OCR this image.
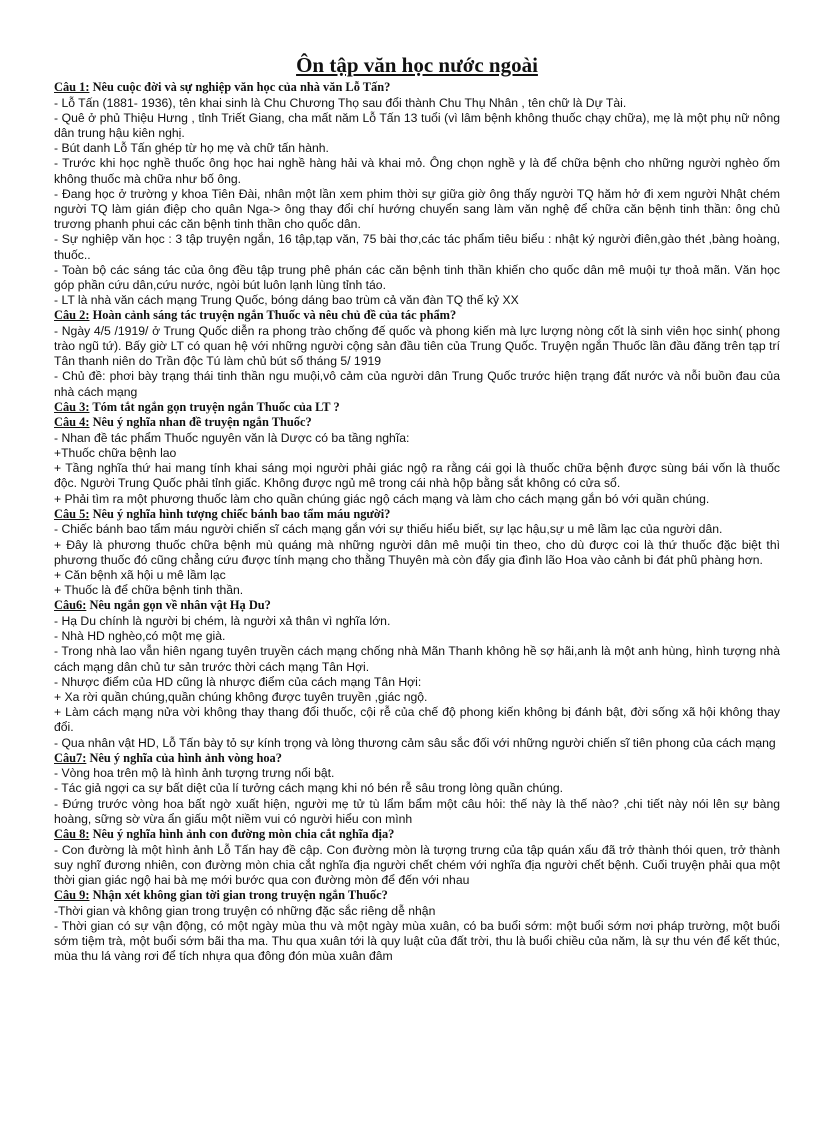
Ôn tập văn học nước ngoài

Câu 1: Nêu cuộc đời và sự nghiệp văn học của nhà văn Lỗ Tấn?

- Lỗ Tấn (1881- 1936), tên khai sinh là Chu Chương Thọ sau đổi thành Chu Thụ Nhân , tên chữ là Dự Tài.

- Quê ở phủ Thiệu Hưng , tỉnh Triết Giang, cha mất năm Lỗ Tấn 13 tuổi (vì lâm bệnh không thuốc chạy chữa), mẹ là một phụ nữ nông dân trung hậu kiên nghị.

- Bút danh Lỗ Tấn ghép từ họ mẹ và chữ tấn hành.

- Trước khi học nghề thuốc ông học hai nghề hàng hải và khai mỏ. Ông chọn nghề y là để chữa bệnh cho những người nghèo ốm không thuốc mà chữa như bố ông.

- Đang học ở trường y khoa Tiên Đài, nhân một lần xem phim thời sự giữa giờ ông thấy người TQ hăm hở đi xem người Nhật chém người TQ làm gián điệp cho quân Nga-> ông thay đổi chí hướng chuyển sang làm văn nghệ để chữa căn bệnh tinh thần: ông chủ trương phanh phui các căn bệnh tinh thần cho quốc dân.

- Sự nghiệp văn học : 3 tập truyện ngắn, 16 tập,tạp văn, 75 bài thơ,các tác phẩm tiêu biểu : nhật ký người điên,gào thét ,bàng hoàng, thuốc..

- Toàn bộ các sáng tác của ông đều tập trung phê phán các căn bệnh tinh thần khiến cho quốc dân mê muội tự thoả mãn. Văn học góp phần cứu dân,cứu nước, ngòi bút luôn lạnh lùng tỉnh táo.

- LT là nhà văn cách mạng Trung Quốc, bóng dáng bao trùm cả văn đàn TQ thế kỷ XX

Câu 2: Hoàn cảnh sáng tác truyện ngắn Thuốc và nêu chủ đề của tác phẩm?

- Ngày 4/5 /1919/ ở Trung Quốc diễn ra phong trào chống đế quốc và phong kiến mà lực lượng nòng cốt là sinh viên học sinh( phong trào ngũ tứ). Bấy giờ LT có quan hệ với những người cộng sản đầu tiên của Trung Quốc. Truyện ngắn Thuốc lần đầu đăng trên tạp trí Tân thanh niên do Trần độc Tú làm chủ bút số tháng 5/ 1919

- Chủ đề: phơi bày trạng thái tinh thần ngu muội,vô cảm của người dân Trung Quốc trước hiện trạng đất nước và nỗi buồn đau của nhà cách mạng

Câu 3: Tóm tắt ngắn gọn truyện ngắn Thuốc của LT ?

Câu 4: Nêu ý nghĩa nhan đề truyện ngắn Thuốc?

- Nhan đề tác phẩm Thuốc nguyên văn là Dược có ba tầng nghĩa:

+Thuốc chữa bệnh lao

+ Tầng nghĩa thứ hai mang tính khai sáng mọi người phải giác ngộ ra rằng cái gọi là thuốc chữa bệnh được sùng bái vốn là thuốc độc. Người Trung Quốc phải tỉnh giấc. Không được ngủ mê trong cái nhà hộp bằng sắt không có cửa sổ.

+ Phải tìm ra một phương thuốc làm cho quần chúng giác ngộ cách mạng và làm cho cách mạng gắn bó với quần chúng.

Câu 5: Nêu ý nghĩa hình tượng chiếc bánh bao tẩm máu người?

- Chiếc bánh bao tẩm máu người chiến sĩ cách mạng gắn với sự thiếu hiểu biết, sự lạc hậu,sự u mê lầm lạc của người dân.

+ Đây là phương thuốc chữa bệnh mù quáng mà những người dân mê muội tin theo, cho dù được coi là thứ thuốc đặc biệt thì phương thuốc đó cũng chẳng cứu được tính mạng cho thằng Thuyên mà còn đẩy gia đình lão Hoa vào cảnh bi đát phũ phàng hơn.

+ Căn bệnh xã hội u mê lầm lạc

+ Thuốc là để chữa bệnh tinh thần.

Câu6: Nêu ngắn gọn về nhân vật Hạ Du?

- Hạ Du chính là người bị chém, là người xả thân vì nghĩa lớn.

- Nhà HD nghèo,có một mẹ già.

- Trong nhà lao vẫn hiên ngang tuyên truyền cách mạng chống nhà Mãn Thanh không hề sợ hãi,anh là một anh hùng, hình tượng nhà cách mạng dân chủ tư sản trước thời cách mạng Tân Hợi.

- Nhược điểm của HD cũng là nhược điểm của cách mạng Tân Hợi:

+ Xa rời quần chúng,quần chúng không được tuyên truyền ,giác ngộ.

+ Làm cách mạng nửa vời không thay thang đổi thuốc, cội rễ của chế độ phong kiến không bị đánh bật, đời sống xã hội không thay đổi.

- Qua nhân vật HD, Lỗ Tấn bày tỏ sự kính trọng và lòng thương cảm sâu sắc đối với những người chiến sĩ tiên phong của cách mạng

Câu7: Nêu ý nghĩa của hình ảnh vòng hoa?

- Vòng hoa trên mộ là hình ảnh tượng trưng nổi bật.

- Tác giả ngợi ca sự bất diệt của lí tưởng cách mạng khi nó bén rễ sâu trong lòng quần chúng.

- Đứng trước vòng hoa bất ngờ xuất hiện, người mẹ tử tù lẩm bẩm một câu hỏi: thế này là thế nào? ,chi tiết này nói lên sự bàng hoàng, sững sờ vừa ẩn giấu một niềm vui có người hiểu con mình

Câu 8: Nêu ý nghĩa hình ảnh con đường mòn chia cắt nghĩa địa?

- Con đường là một hình ảnh Lỗ Tấn hay đề cập. Con đường mòn là tượng trưng của tập quán xấu đã trở thành thói quen, trở thành suy nghĩ đương nhiên, con đường mòn chia cắt nghĩa địa người chết chém với nghĩa địa người chết bệnh. Cuối truyện phải qua một thời gian giác ngộ hai bà mẹ mới bước qua con đường mòn để đến với nhau

Câu 9: Nhận xét không gian tời gian trong truyện ngắn Thuốc?

-Thời gian và không gian trong truyện có những đặc sắc riêng dễ nhận

- Thời gian có sự vận động, có một ngày mùa thu và một ngày mùa xuân, có ba buổi sớm: một buổi sớm nơi pháp trường, một buổi sớm tiệm trà, một buổi sớm bãi tha ma. Thu qua xuân tới là quy luật của đất trời, thu là buổi chiều của năm, là sự thu vén để kết thúc, mùa thu lá vàng rơi để tích nhựa qua đông đón mùa xuân đâm
